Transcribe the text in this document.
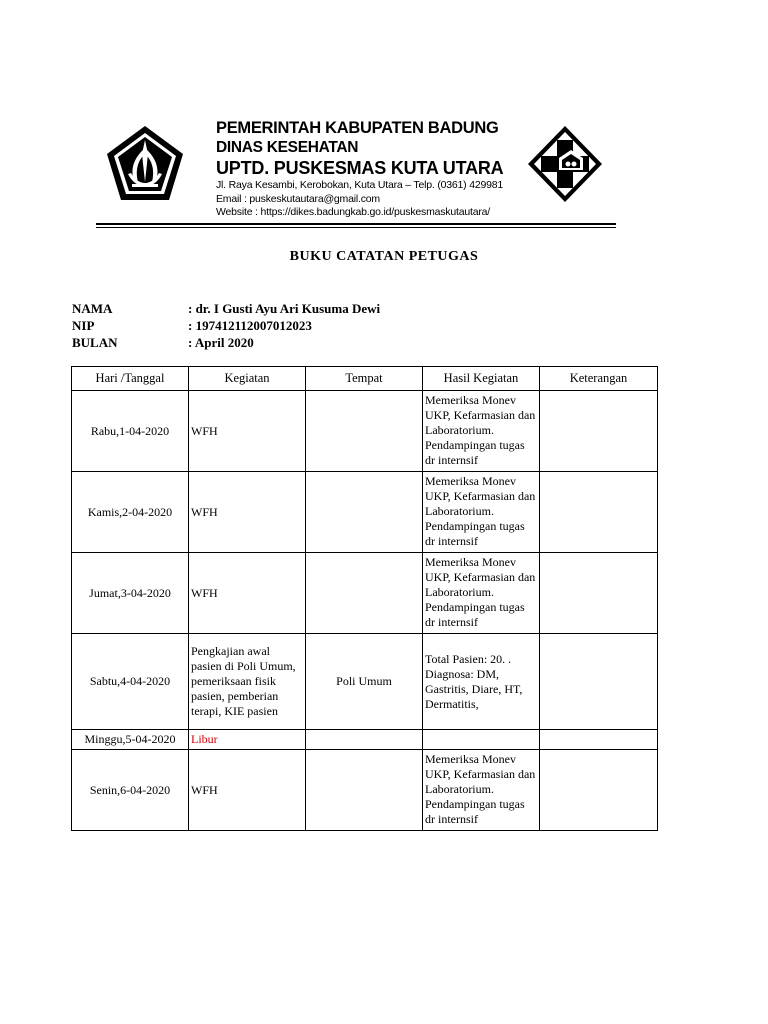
PEMERINTAH KABUPATEN BADUNG
DINAS KESEHATAN
UPTD. PUSKESMAS KUTA UTARA
Jl. Raya Kesambi, Kerobokan, Kuta Utara – Telp. (0361) 429981
Email : puskeskutautara@gmail.com
Website : https://dikes.badungkab.go.id/puskesmaskutautara/
BUKU CATATAN PETUGAS
NAMA	: dr. I Gusti Ayu Ari Kusuma Dewi
NIP	: 197412112007012023
BULAN	: April 2020
Hari /Tanggal	Kegiatan	Tempat	Hasil Kegiatan	Keterangan
Rabu,1-04-2020	WFH		Memeriksa Monev UKP, Kefarmasian dan Laboratorium. Pendampingan tugas dr internsif	
Kamis,2-04-2020	WFH		Memeriksa Monev UKP, Kefarmasian dan Laboratorium. Pendampingan tugas dr internsif	
Jumat,3-04-2020	WFH		Memeriksa Monev UKP, Kefarmasian dan Laboratorium. Pendampingan tugas dr internsif	
Sabtu,4-04-2020	Pengkajian awal pasien di Poli Umum, pemeriksaan fisik pasien, pemberian terapi, KIE pasien	Poli Umum	Total Pasien: 20. . Diagnosa: DM, Gastritis, Diare, HT, Dermatitis,	
Minggu,5-04-2020	Libur			
Senin,6-04-2020	WFH		Memeriksa Monev UKP, Kefarmasian dan Laboratorium. Pendampingan tugas dr internsif	
